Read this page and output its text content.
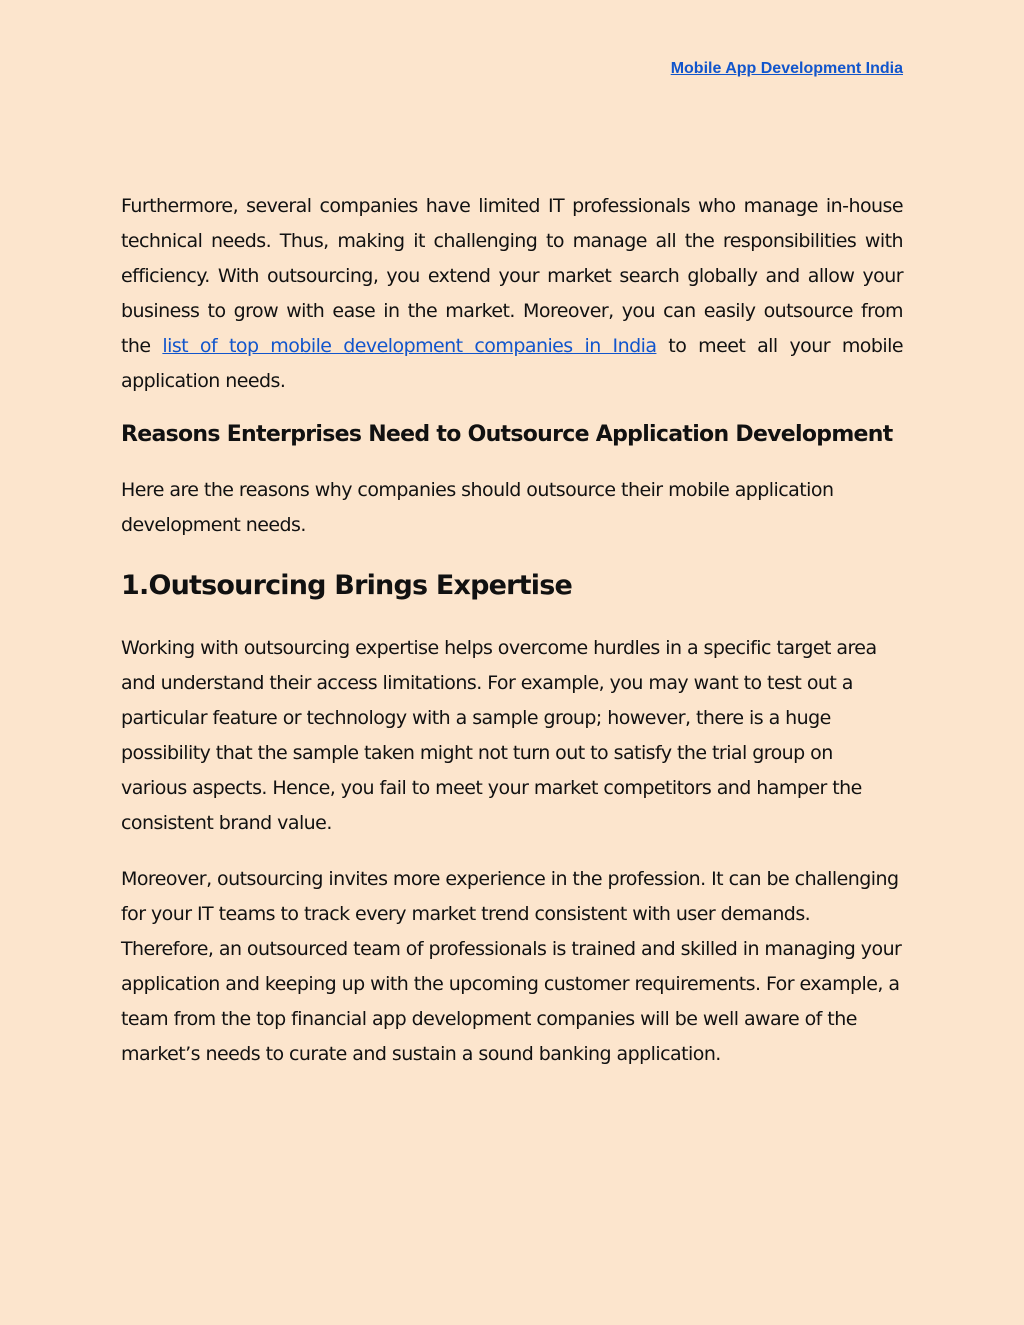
Mobile App Development India

Furthermore, several companies have limited IT professionals who manage in-house technical needs. Thus, making it challenging to manage all the responsibilities with efficiency. With outsourcing, you extend your market search globally and allow your business to grow with ease in the market. Moreover, you can easily outsource from the list of top mobile development companies in India to meet all your mobile application needs.

Reasons Enterprises Need to Outsource Application Development

Here are the reasons why companies should outsource their mobile application development needs.

1.Outsourcing Brings Expertise

Working with outsourcing expertise helps overcome hurdles in a specific target area and understand their access limitations. For example, you may want to test out a particular feature or technology with a sample group; however, there is a huge possibility that the sample taken might not turn out to satisfy the trial group on various aspects. Hence, you fail to meet your market competitors and hamper the consistent brand value.

Moreover, outsourcing invites more experience in the profession. It can be challenging for your IT teams to track every market trend consistent with user demands. Therefore, an outsourced team of professionals is trained and skilled in managing your application and keeping up with the upcoming customer requirements. For example, a team from the top financial app development companies will be well aware of the market’s needs to curate and sustain a sound banking application.
